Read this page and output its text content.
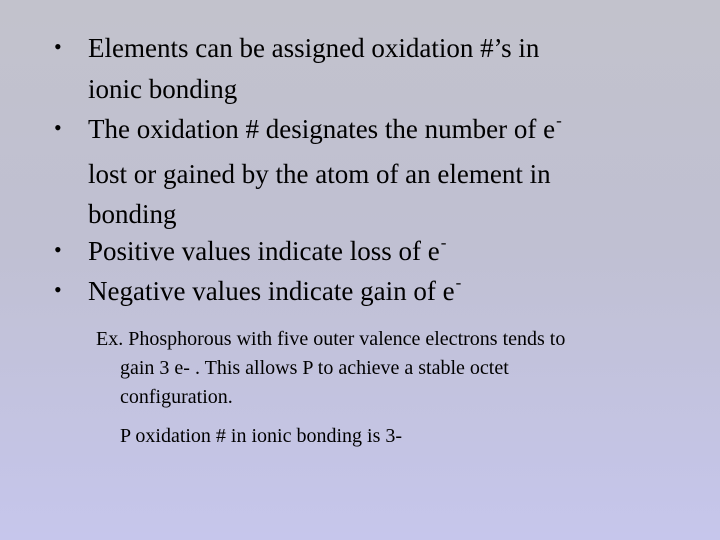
• Elements can be assigned oxidation #’s in
ionic bonding
• The oxidation # designates the number of e-
lost or gained by the atom of an element in
bonding
• Positive values indicate loss of e-
• Negative values indicate gain of e-
Ex. Phosphorous with five outer valence electrons tends to
gain 3 e- . This allows P to achieve a stable octet
configuration.
P oxidation # in ionic bonding is 3-
